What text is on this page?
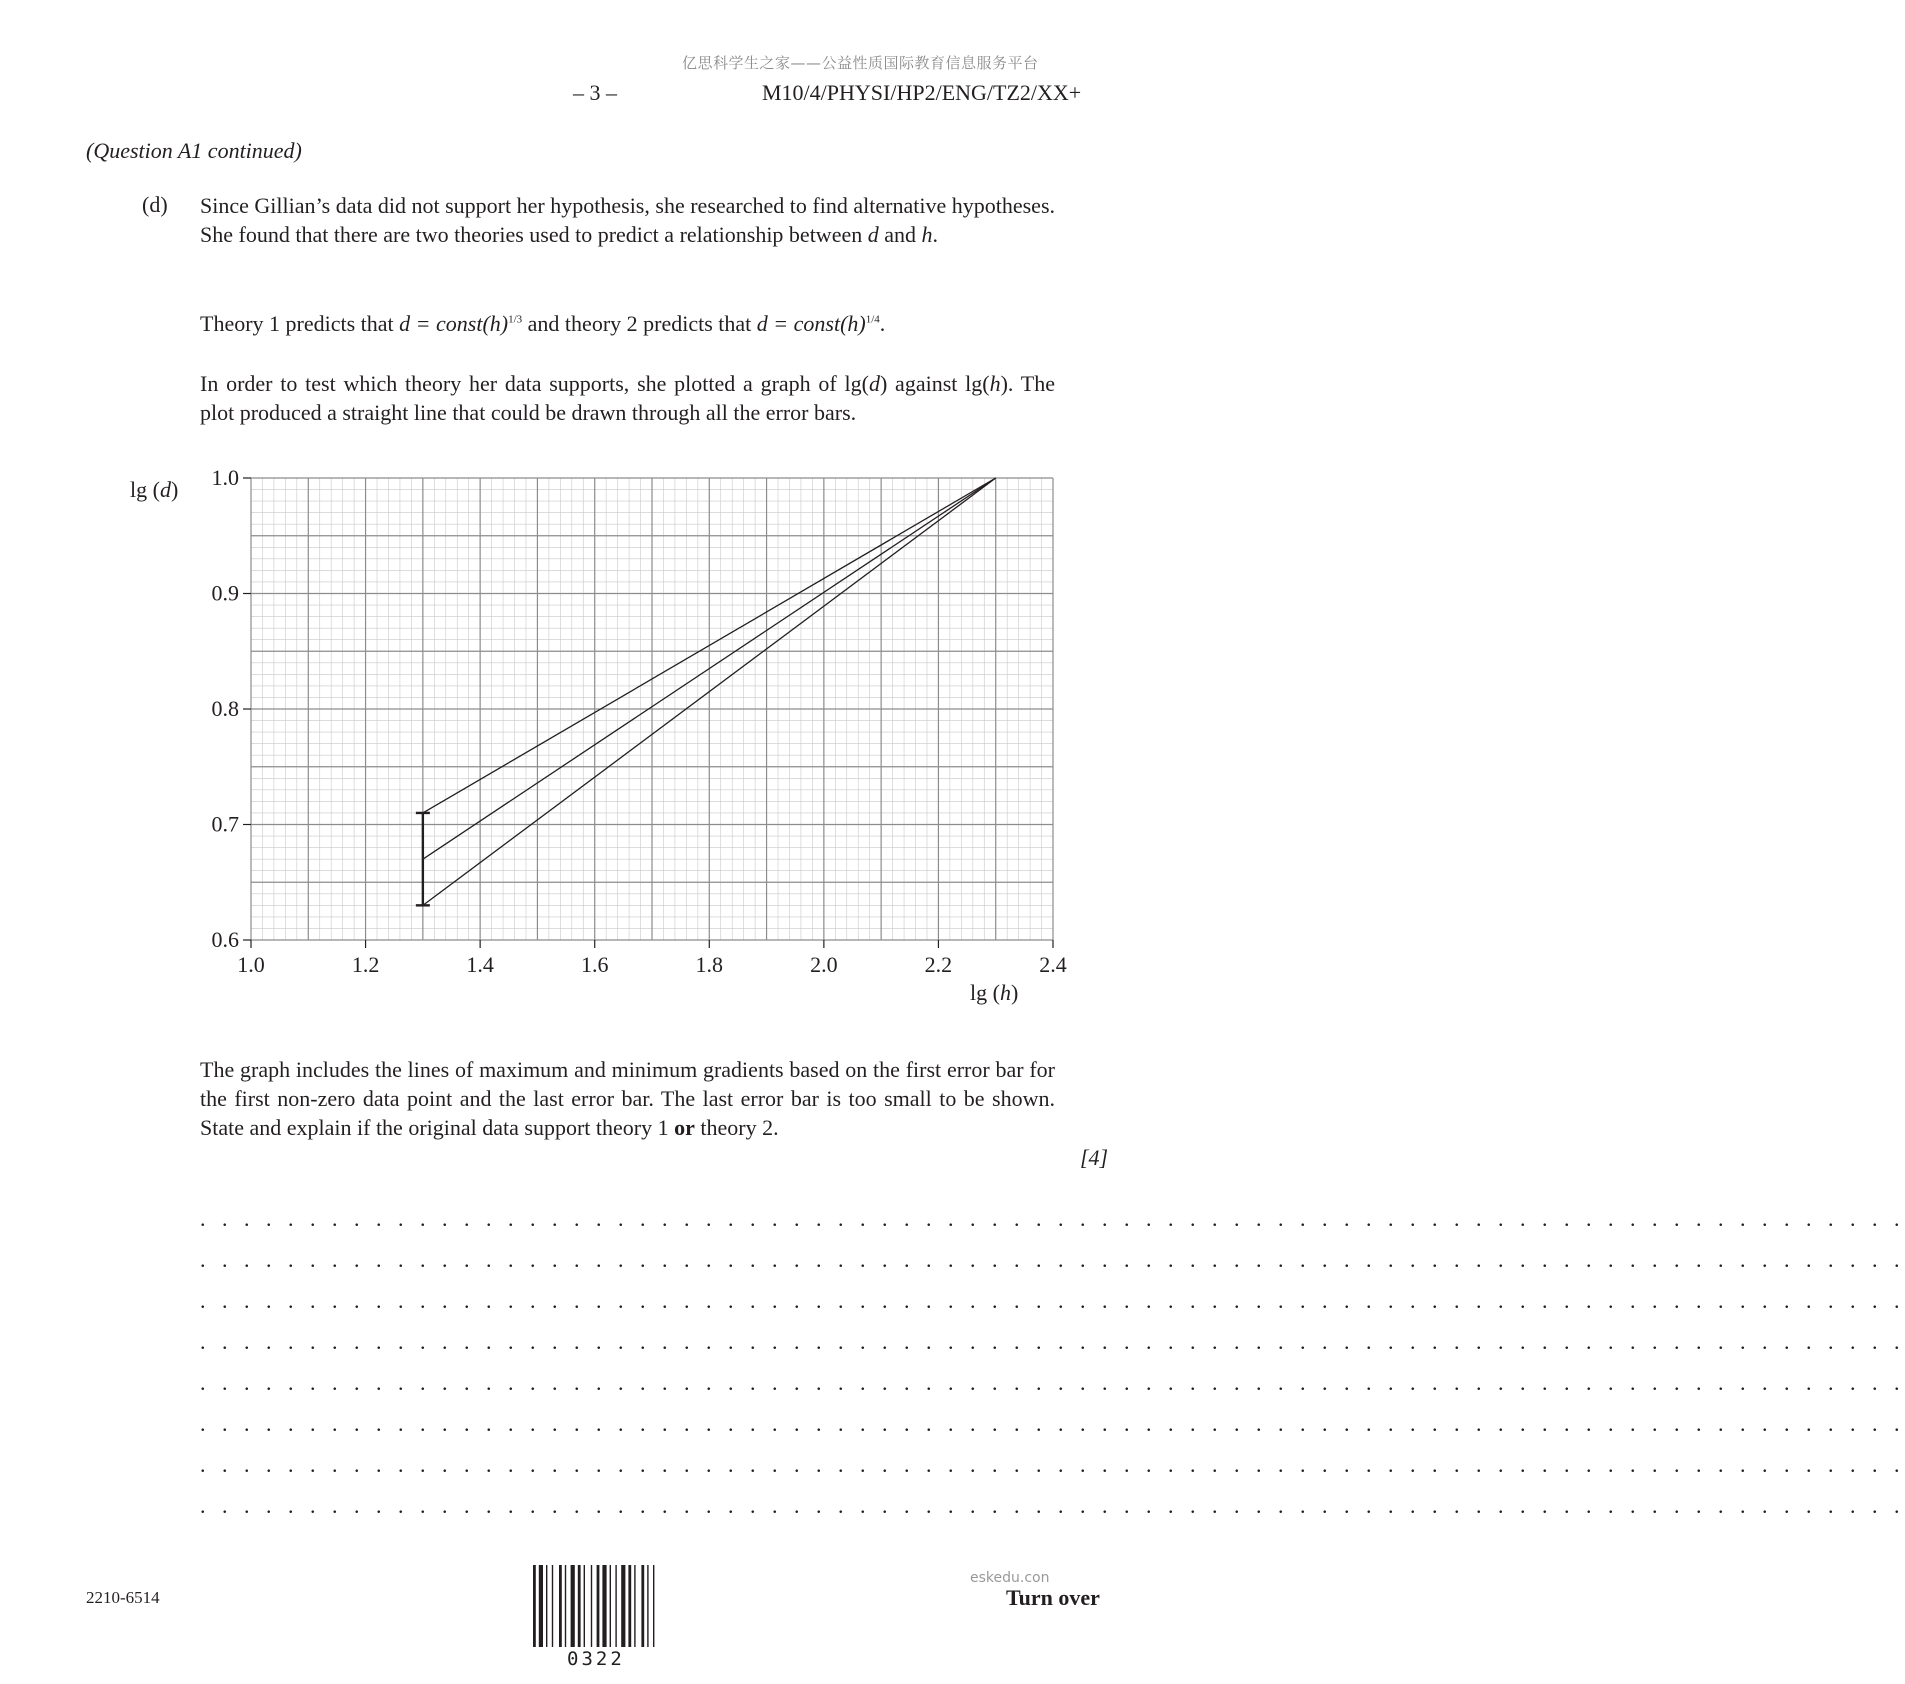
亿思科学生之家——公益性质国际教育信息服务平台
– 3 –	M10/4/PHYSI/HP2/ENG/TZ2/XX+
(Question A1 continued)
(d) Since Gillian’s data did not support her hypothesis, she researched to find alternative hypotheses. She found that there are two theories used to predict a relationship between d and h.
Theory 1 predicts that $d = const(h)^{1/3}$ and theory 2 predicts that $d = const(h)^{1/4}$.
In order to test which theory her data supports, she plotted a graph of lg(d) against lg(h). The plot produced a straight line that could be drawn through all the error bars.
1.0	1.2	1.4	1.6	1.8	2.0	2.2	2.4
0.6
0.7
0.8
0.9
1.0
lg (d)
lg (h)
The graph includes the lines of maximum and minimum gradients based on the first error bar for the first non-zero data point and the last error bar. The last error bar is too small to be shown. State and explain if the original data support theory 1 or theory 2.
[4]
. . . . . . . . . . . . . . . . . . . . . . . . . . . . . . . . . . . . . . . . . . . . . . . . . . . . . . . . . . . . . . . . . . . . . . . . . . . . . .
. . . . . . . . . . . . . . . . . . . . . . . . . . . . . . . . . . . . . . . . . . . . . . . . . . . . . . . . . . . . . . . . . . . . . . . . . . . . . .
. . . . . . . . . . . . . . . . . . . . . . . . . . . . . . . . . . . . . . . . . . . . . . . . . . . . . . . . . . . . . . . . . . . . . . . . . . . . . .
. . . . . . . . . . . . . . . . . . . . . . . . . . . . . . . . . . . . . . . . . . . . . . . . . . . . . . . . . . . . . . . . . . . . . . . . . . . . . .
. . . . . . . . . . . . . . . . . . . . . . . . . . . . . . . . . . . . . . . . . . . . . . . . . . . . . . . . . . . . . . . . . . . . . . . . . . . . . .
. . . . . . . . . . . . . . . . . . . . . . . . . . . . . . . . . . . . . . . . . . . . . . . . . . . . . . . . . . . . . . . . . . . . . . . . . . . . . .
. . . . . . . . . . . . . . . . . . . . . . . . . . . . . . . . . . . . . . . . . . . . . . . . . . . . . . . . . . . . . . . . . . . . . . . . . . . . . .
. . . . . . . . . . . . . . . . . . . . . . . . . . . . . . . . . . . . . . . . . . . . . . . . . . . . . . . . . . . . . . . . . . . . . . . . . . . . . .
2210-6514
eskedu.con
Turn over
0322
